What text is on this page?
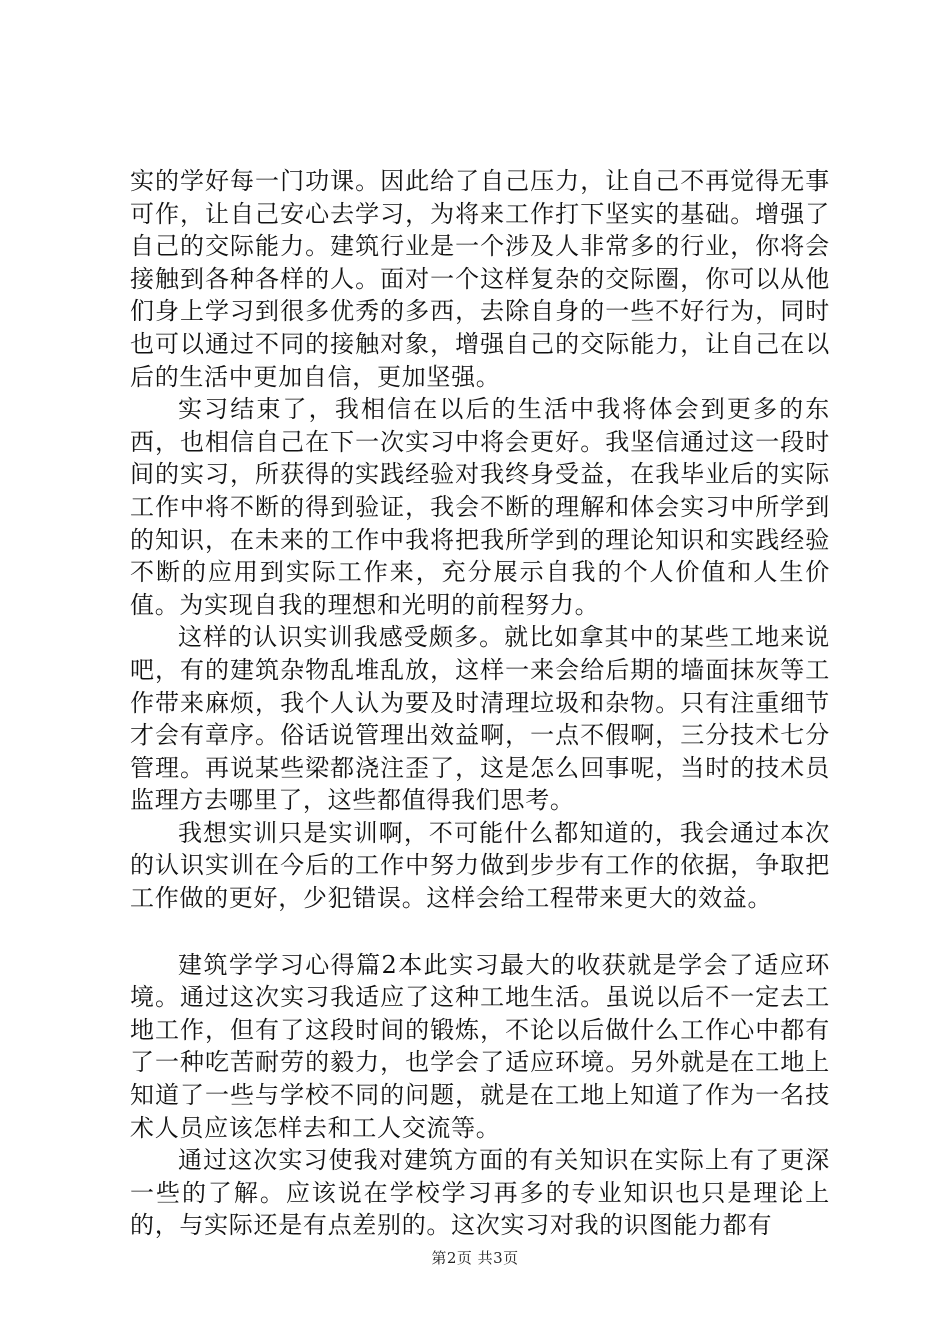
实的学好每一门功课。因此给了自己压力，让自己不再觉得无事可作，让自己安心去学习，为将来工作打下坚实的基础。增强了自己的交际能力。建筑行业是一个涉及人非常多的行业，你将会接触到各种各样的人。面对一个这样复杂的交际圈，你可以从他们身上学习到很多优秀的多西，去除自身的一些不好行为，同时也可以通过不同的接触对象，增强自己的交际能力，让自己在以后的生活中更加自信，更加坚强。

实习结束了，我相信在以后的生活中我将体会到更多的东西，也相信自己在下一次实习中将会更好。我坚信通过这一段时间的实习，所获得的实践经验对我终身受益，在我毕业后的实际工作中将不断的得到验证，我会不断的理解和体会实习中所学到的知识，在未来的工作中我将把我所学到的理论知识和实践经验不断的应用到实际工作来，充分展示自我的个人价值和人生价值。为实现自我的理想和光明的前程努力。

这样的认识实训我感受颇多。就比如拿其中的某些工地来说吧，有的建筑杂物乱堆乱放，这样一来会给后期的墙面抹灰等工作带来麻烦，我个人认为要及时清理垃圾和杂物。只有注重细节才会有章序。俗话说管理出效益啊，一点不假啊，三分技术七分管理。再说某些梁都浇注歪了，这是怎么回事呢，当时的技术员监理方去哪里了，这些都值得我们思考。

我想实训只是实训啊，不可能什么都知道的，我会通过本次的认识实训在今后的工作中努力做到步步有工作的依据，争取把工作做的更好，少犯错误。这样会给工程带来更大的效益。

建筑学学习心得篇2本此实习最大的收获就是学会了适应环境。通过这次实习我适应了这种工地生活。虽说以后不一定去工地工作，但有了这段时间的锻炼，不论以后做什么工作心中都有了一种吃苦耐劳的毅力，也学会了适应环境。另外就是在工地上知道了一些与学校不同的问题，就是在工地上知道了作为一名技术人员应该怎样去和工人交流等。

通过这次实习使我对建筑方面的有关知识在实际上有了更深一些的了解。应该说在学校学习再多的专业知识也只是理论上的，与实际还是有点差别的。这次实习对我的识图能力都有

第2页 共3页
